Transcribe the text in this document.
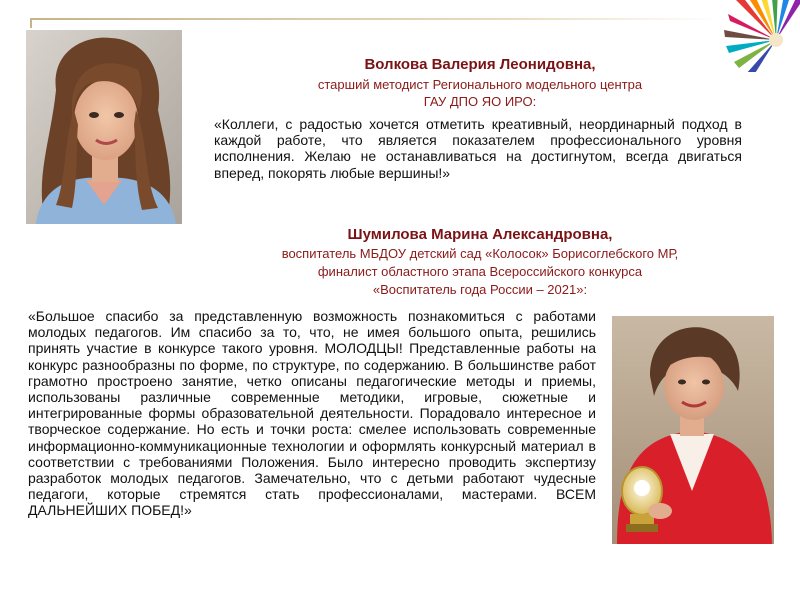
Волкова Валерия Леонидовна,
старший методист Регионального модельного центра
ГАУ ДПО ЯО ИРО:
«Коллеги, с радостью хочется отметить креативный, неординарный подход в каждой работе, что является показателем профессионального уровня исполнения. Желаю не останавливаться на достигнутом, всегда двигаться вперед, покорять любые вершины!»
Шумилова Марина Александровна,
воспитатель МБДОУ детский сад «Колосок» Борисоглебского МР,
финалист областного этапа Всероссийского конкурса
«Воспитатель года России – 2021»:
«Большое спасибо за представленную возможность познакомиться с работами молодых педагогов. Им спасибо за то, что, не имея большого опыта, решились принять участие в конкурсе такого уровня. МОЛОДЦЫ! Представленные работы на конкурс разнообразны по форме, по структуре, по содержанию. В большинстве работ грамотно простроено занятие, четко описаны педагогические методы и приемы, использованы различные современные методики, игровые, сюжетные и интегрированные формы образовательной деятельности. Порадовало интересное и творческое содержание. Но есть и точки роста: смелее использовать современные информационно-коммуникационные технологии и оформлять конкурсный материал в соответствии с требованиями Положения. Было интересно проводить экспертизу разработок молодых педагогов. Замечательно, что с детьми работают чудесные педагоги, которые стремятся стать профессионалами, мастерами. ВСЕМ ДАЛЬНЕЙШИХ ПОБЕД!»
